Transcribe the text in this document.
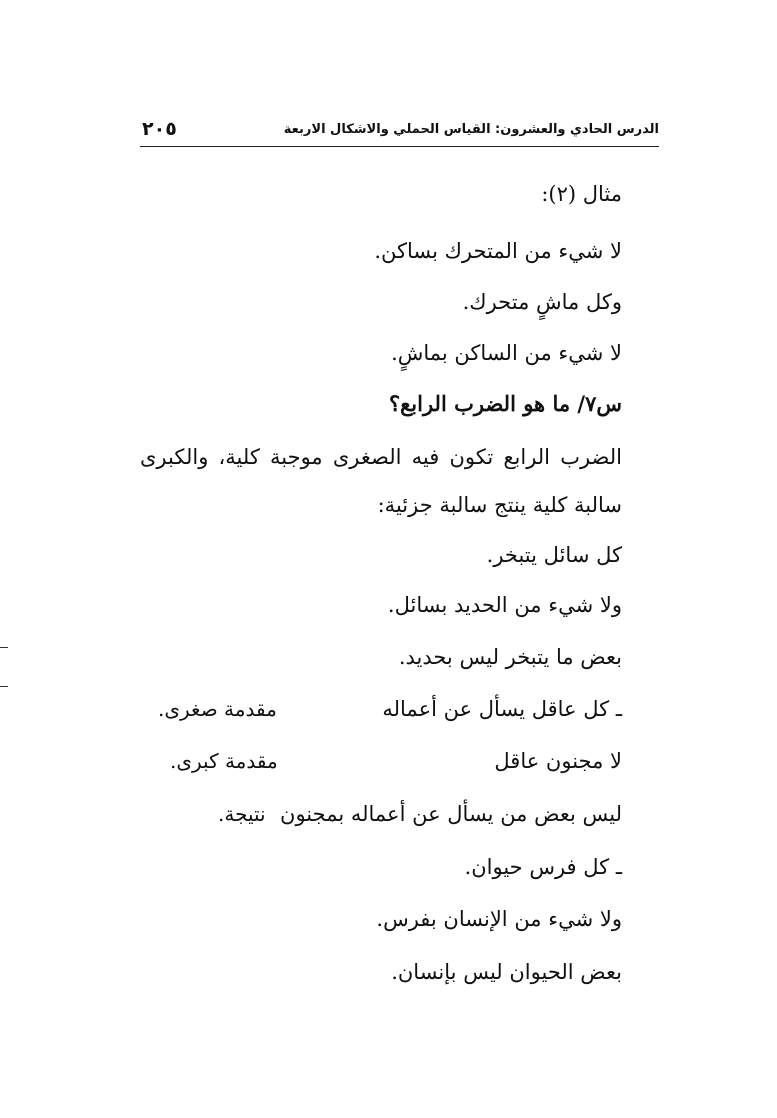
الدرس الحادي والعشرون: القياس الحملي والاشكال الاربعة
٢٠٥

مثال (٢):

لا شيء من المتحرك بساكن.

وكل ماشٍ متحرك.

لا شيء من الساكن بماشٍ.

س٧/ ما هو الضرب الرابع؟

الضرب الرابع تكون فيه الصغرى موجبة كلية، والكبرى

سالبة كلية ينتج سالبة جزئية:

كل سائل يتبخر.

ولا شيء من الحديد بسائل.

بعض ما يتبخر ليس بحديد.

ـ كل عاقل يسأل عن أعماله

مقدمة صغرى.

لا مجنون عاقل

مقدمة كبرى.

ليس بعض من يسأل عن أعماله بمجنون

نتيجة.

ـ كل فرس حيوان.

ولا شيء من الإنسان بفرس.

بعض الحيوان ليس بإنسان.
